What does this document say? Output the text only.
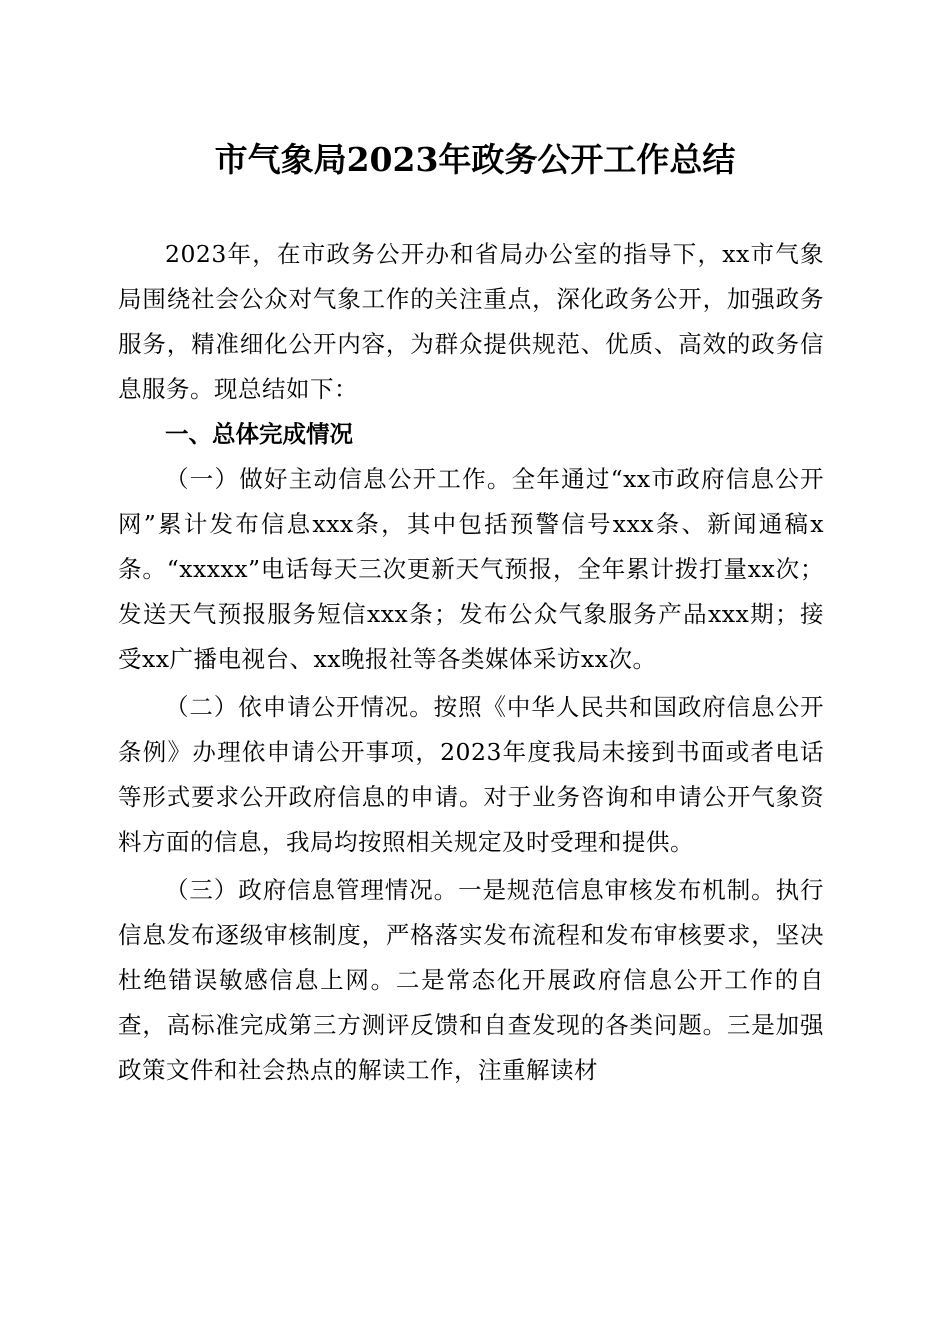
市气象局2023年政务公开工作总结

2023年，在市政务公开办和省局办公室的指导下，xx市气象局围绕社会公众对气象工作的关注重点，深化政务公开，加强政务服务，精准细化公开内容，为群众提供规范、优质、高效的政务信息服务。现总结如下：

一、总体完成情况

（一）做好主动信息公开工作。全年通过“xx市政府信息公开网”累计发布信息xxx条，其中包括预警信号xxx条、新闻通稿x条。“xxxxx”电话每天三次更新天气预报，全年累计拨打量xx次；发送天气预报服务短信xxx条；发布公众气象服务产品xxx期；接受xx广播电视台、xx晚报社等各类媒体采访xx次。

（二）依申请公开情况。按照《中华人民共和国政府信息公开条例》办理依申请公开事项，2023年度我局未接到书面或者电话等形式要求公开政府信息的申请。对于业务咨询和申请公开气象资料方面的信息，我局均按照相关规定及时受理和提供。

（三）政府信息管理情况。一是规范信息审核发布机制。执行信息发布逐级审核制度，严格落实发布流程和发布审核要求，坚决杜绝错误敏感信息上网。二是常态化开展政府信息公开工作的自查，高标准完成第三方测评反馈和自查发现的各类问题。三是加强政策文件和社会热点的解读工作，注重解读材
